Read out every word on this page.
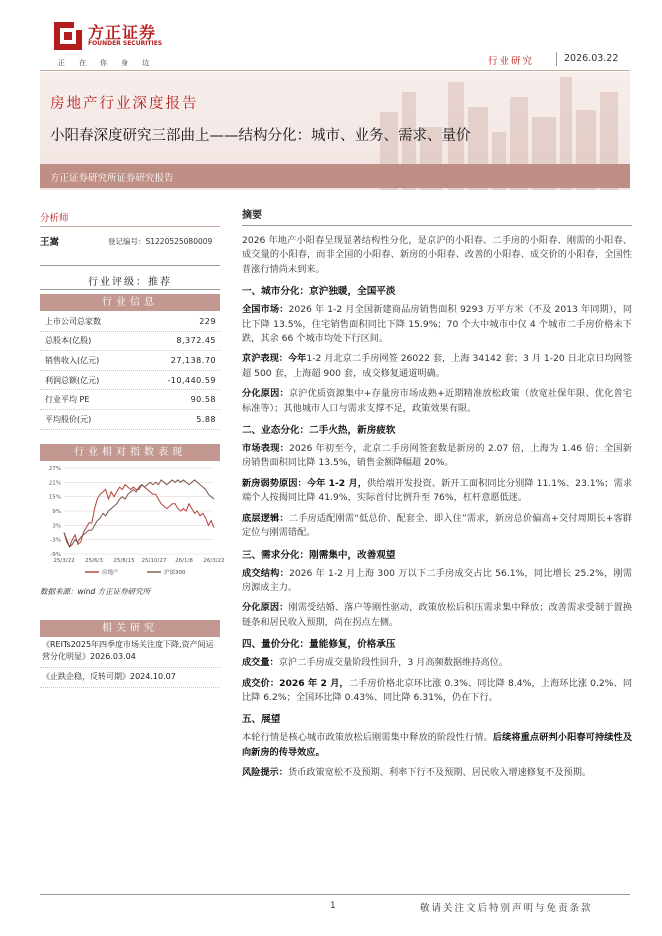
方正证券
FOUNDER SECURITIES
正在你身边	行业研究	2026.03.22
房地产行业深度报告
小阳春深度研究三部曲上——结构分化：城市、业务、需求、量价
方正证券研究所证券研究报告
分析师
王嵩	登记编号：S1220525080009
行业评级：推荐
行业信息
上市公司总家数	229
总股本(亿股)	8,372.45
销售收入(亿元)	27,138.70
利润总额(亿元)	-10,440.59
行业平均 PE	90.58
平均股价(元)	5.88
行业相对指数表现
27%
21%
15%
9%
3%
-3%
-9%
25/3/22 25/6/3 25/8/15 25/10/27 26/1/8 26/3/22
房地产	沪深300
数据来源：wind 方正证券研究所
相关研究
《REITs2025年四季度市场关注度下降,资产间运营分化明显》2026.03.04
《止跌企稳，反转可期》2024.10.07
摘要

2026 年地产小阳春呈现显著结构性分化，是京沪的小阳春、二手房的小阳春、刚需的小阳春、成交量的小阳春，而非全国的小阳春、新房的小阳春、改善的小阳春、成交价的小阳春，全国性普涨行情尚未到来。

一、城市分化：京沪独暖，全国平淡

全国市场：2026 年 1-2 月全国新建商品房销售面积 9293 万平方米（不及 2013 年同期），同比下降 13.5%，住宅销售面积同比下降 15.9%；70 个大中城市中仅 4 个城市二手房价格未下跌，其余 66 个城市均处下行区间。

京沪表现：今年1-2 月北京二手房网签 26022 套，上海 34142 套；3 月 1-20 日北京日均网签超 500 套，上海超 900 套，成交修复通道明确。

分化原因：京沪优质资源集中+存量房市场成熟+近期精准放松政策（放宽社保年限、优化普宅标准等）；其他城市人口与需求支撑不足，政策效果有限。

二、业态分化：二手火热，新房疲软

市场表现：2026 年初至今，北京二手房网签套数是新房的 2.07 倍，上海为 1.46 倍；全国新房销售面积同比降 13.5%，销售金额降幅超 20%。

新房弱势原因：今年 1-2 月，供给端开发投资、新开工面积同比分别降 11.1%、23.1%；需求端个人按揭同比降 41.9%，实际首付比例升至 76%，杠杆意愿低迷。

底层逻辑：二手房适配刚需“低总价、配套全、即入住”需求，新房总价偏高+交付周期长+客群定位与刚需错配。

三、需求分化：刚需集中，改善观望

成交结构：2026 年 1-2 月上海 300 万以下二手房成交占比 56.1%，同比增长 25.2%，刚需房源成主力。

分化原因：刚需受结婚、落户等刚性驱动，政策放松后积压需求集中释放；改善需求受制于置换链条和居民收入预期，尚在拐点左侧。

四、量价分化：量能修复，价格承压

成交量：京沪二手房成交量阶段性回升，3 月高频数据维持高位。

成交价：2026 年 2 月，二手房价格北京环比涨 0.3%、同比降 8.4%，上海环比涨 0.2%、同比降 6.2%；全国环比降 0.43%、同比降 6.31%，仍在下行。

五、展望

本轮行情是核心城市政策放松后刚需集中释放的阶段性行情。后续将重点研判小阳春可持续性及向新房的传导效应。

风险提示：货币政策宽松不及预期、利率下行不及预期、居民收入增速修复不及预期。

1	敬请关注文后特别声明与免责条款
